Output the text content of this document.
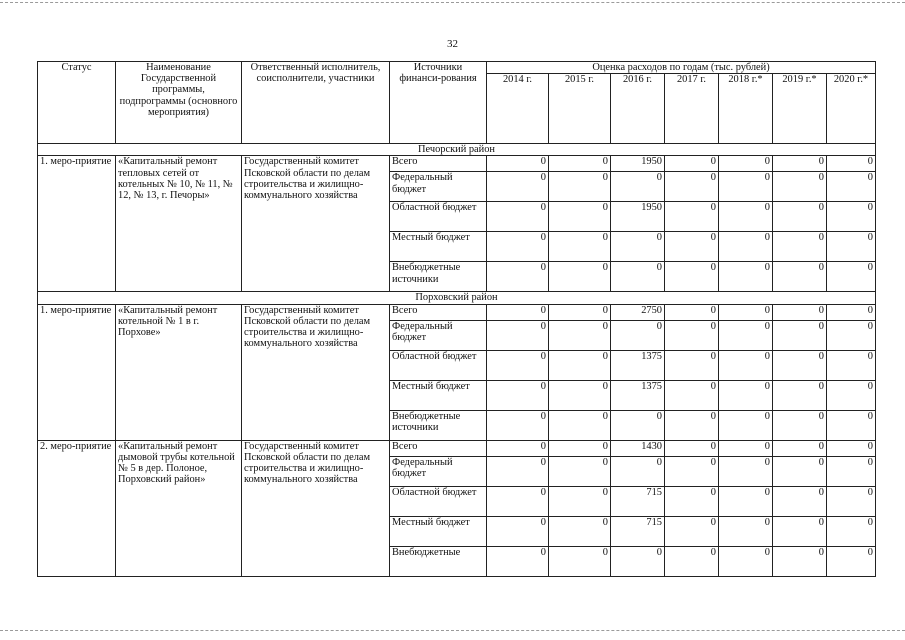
32
Статус	Наименование Государственной программы, подпрограммы (основного мероприятия)	Ответственный исполнитель, соисполнители, участники	Источники финанси-рования	Оценка расходов по годам (тыс. рублей)						
				2014 г.	2015 г.	2016 г.	2017 г.	2018 г.*	2019 г.*	2020 г.*
Печорский район										
1. меро-приятие	«Капитальный ремонт тепловых сетей от котельных № 10, № 11, № 12, № 13, г. Печоры»	Государственный комитет Псковской области по делам строительства и жилищно-коммунального хозяйства	Всего	0	0	1950	0	0	0	0
			Федеральный бюджет	0	0	0	0	0	0	0
			Областной бюджет	0	0	1950	0	0	0	0
			Местный бюджет	0	0	0	0	0	0	0
			Внебюджетные источники	0	0	0	0	0	0	0
Порховский район										
1. меро-приятие	«Капитальный ремонт котельной № 1 в г. Порхове»	Государственный комитет Псковской области по делам строительства и жилищно-коммунального хозяйства	Всего	0	0	2750	0	0	0	0
			Федеральный бюджет	0	0	0	0	0	0	0
			Областной бюджет	0	0	1375	0	0	0	0
			Местный бюджет	0	0	1375	0	0	0	0
			Внебюджетные источники	0	0	0	0	0	0	0
2. меро-приятие	«Капитальный ремонт дымовой трубы котельной № 5 в дер. Полоное, Порховский район»	Государственный комитет Псковской области по делам строительства и жилищно-коммунального хозяйства	Всего	0	0	1430	0	0	0	0
			Федеральный бюджет	0	0	0	0	0	0	0
			Областной бюджет	0	0	715	0	0	0	0
			Местный бюджет	0	0	715	0	0	0	0
			Внебюджетные	0	0	0	0	0	0	0
